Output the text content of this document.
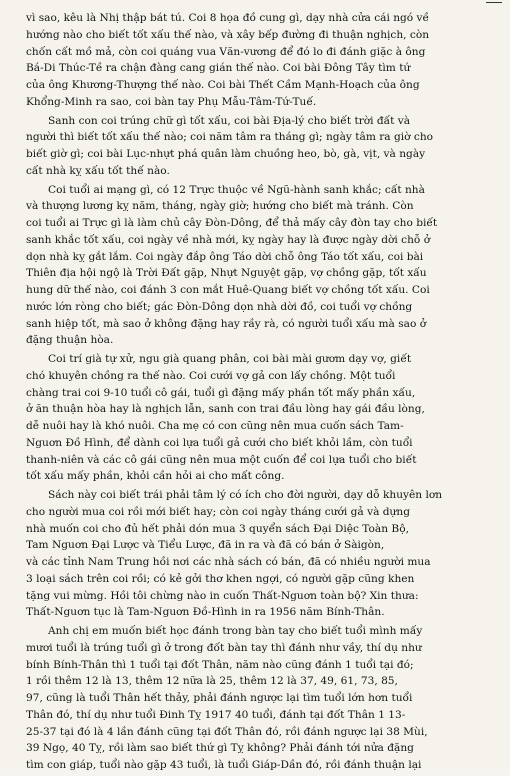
vì sao, kêu là Nhị thập bát tú. Coi 8 họa đồ cung gì, dạy nhà cửa cái ngó về
hướng nào cho biết tốt xấu thế nào, và xây bếp đường đi thuận nghịch, còn
chốn cất mồ mả, còn coi quáng vua Văn-vương để đó lo đi đánh giặc à ông
Bá-Di Thúc-Tề ra chận đàng cang gián thế nào. Coi bài Đông Tây tìm tứ
của ông Khương-Thượng thế nào. Coi bài Thết Cầm Mạnh-Hoạch của ông
Khổng-Minh ra sao, coi bàn tay Phụ Mẫu-Tâm-Tứ-Tuế.

Sanh con coi trúng chữ gì tốt xấu, coi bài Địa-lý cho biết trời đất và
người thì biết tốt xấu thế nào; coi năm tâm ra tháng gì; ngày tâm ra giờ cho
biết giờ gì; coi bài Lục-nhựt phá quân làm chuồng heo, bò, gà, vịt, và ngày
cất nhà kỵ xấu tốt thế nào.

Coi tuổi ai mạng gì, có 12 Trực thuộc về Ngũ-hành sanh khắc; cất nhà
và thượng lương kỵ năm, tháng, ngày giờ; hướng cho biết mà tránh. Còn
coi tuổi ai Trực gì là làm chủ cây Đòn-Dông, để thả mấy cây đòn tay cho biết
sanh khắc tốt xấu, coi ngày về nhà mới, kỵ ngày hay là được ngày dời chỗ ở
dọn nhà kỵ gắt lắm. Coi ngày đắp ông Táo dời chỗ ông Táo tốt xấu, coi bài
Thiên địa hội ngộ là Trời Đất gặp, Nhựt Nguyệt gặp, vợ chồng gặp, tốt xấu
hung dữ thế nào, coi đánh 3 con mắt Huê-Quang biết vợ chồng tốt xấu. Coi
nước lớn ròng cho biết; gác Đòn-Dông dọn nhà dời đồ, coi tuổi vợ chồng
sanh hiệp tốt, mà sao ở không đặng hay rầy rà, có người tuổi xấu mà sao ở
đặng thuận hòa.

Coi trí già tự xử, ngu già quang phân, coi bài mài gươm dạy vợ, giết
chó khuyên chồng ra thế nào. Coi cưới vợ gả con lấy chồng. Một tuổi
chàng trai coi 9-10 tuổi cô gái, tuổi gì đặng mấy phần tốt mấy phần xấu,
ở ăn thuận hòa hay là nghịch lẫn, sanh con trai đầu lòng hay gái đầu lòng,
dễ nuôi hay là khó nuôi. Cha mẹ có con cũng nên mua cuốn sách Tam-
Nguơn Đồ Hình, để dành coi lựa tuổi gả cưới cho biết khỏi lầm, còn tuổi
thanh-niên và các cô gái cũng nên mua một cuốn để coi lựa tuổi cho biết
tốt xấu mấy phần, khỏi cần hỏi ai cho mất công.

Sách này coi biết trái phải tâm lý có ích cho đời người, dạy dỗ khuyên lơn
cho người mua coi rồi mới biết hay; còn coi ngày tháng cưới gả và dựng
nhà muốn coi cho đủ hết phải dón mua 3 quyển sách Đại Diệc Toàn Bộ,
Tam Nguơn Đại Lược và Tiểu Lược, đã in ra và đã có bán ở Sàigòn,
và các tỉnh Nam Trung hồi nơi các nhà sách có bán, đã có nhiều người mua
3 loại sách trên coi rồi; có kẻ gởi thơ khen ngợi, có người gặp cũng khen
tặng vui mừng. Hồi tôi chừng nào in cuốn Thất-Nguơn toàn bộ? Xin thưa:
Thất-Nguơn tục là Tam-Nguơn Đồ-Hình in ra 1956 năm Bính-Thân.

Anh chị em muốn biết học đánh trong bàn tay cho biết tuổi mình mấy
mươi tuổi là trúng tuổi gì ở trong đốt bàn tay thì đánh như vầy, thí dụ như
bính Bính-Thân thì 1 tuổi tại đốt Thân, năm nào cũng đánh 1 tuổi tại đó;
1 rồi thêm 12 là 13, thêm 12 nữa là 25, thêm 12 là 37, 49, 61, 73, 85,
97, cũng là tuổi Thân hết thảy, phải đánh ngược lại tìm tuổi lớn hơn tuổi
Thân đó, thí dụ như tuổi Đinh Tỵ 1917 40 tuổi, đánh tại đốt Thân 1 13-
25-37 tại đó là 4 lần đánh cũng tại đốt Thân đó, rồi đánh ngược lại 38 Mùi,
39 Ngọ, 40 Tỵ, rồi làm sao biết thứ gì Tỵ không? Phải đánh tới nửa đặng
tìm con giáp, tuổi nào gặp 43 tuổi, là tuổi Giáp-Dần đó, rồi đánh thuận lại
